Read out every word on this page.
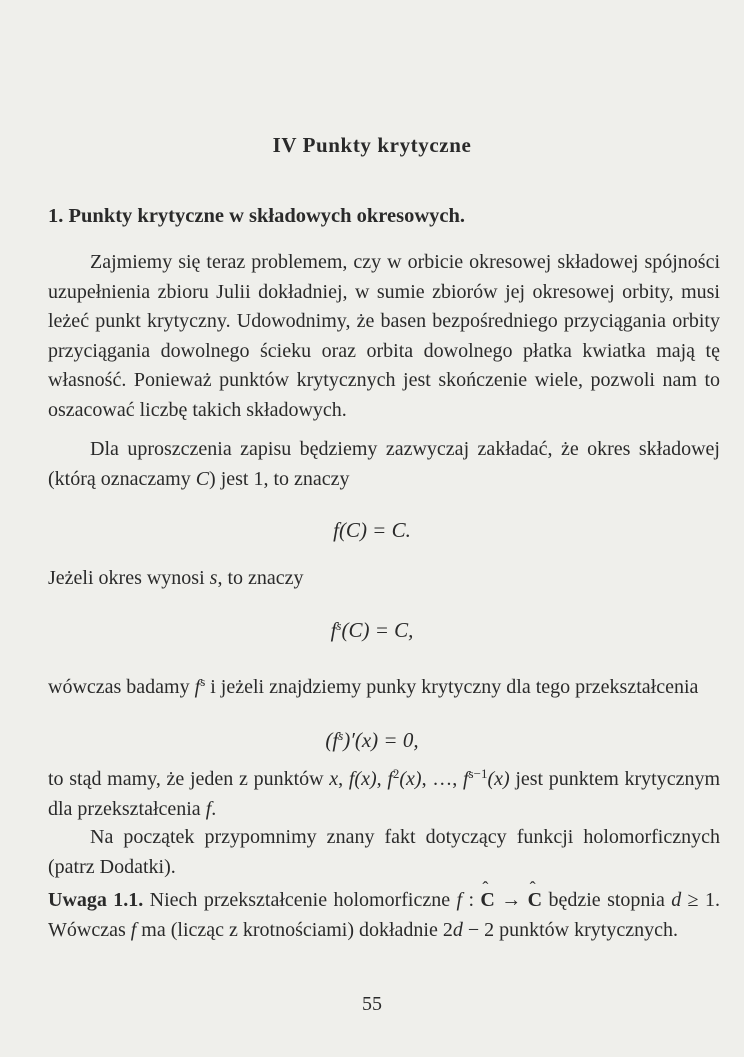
IV Punkty krytyczne
1. Punkty krytyczne w składowych okresowych.
Zajmiemy się teraz problemem, czy w orbicie okresowej składowej spójności uzupełnienia zbioru Julii dokładniej, w sumie zbiorów jej okresowej orbity, musi leżeć punkt krytyczny. Udowodnimy, że basen bezpośredniego przyciągania orbity przyciągania dowolnego ścieku oraz orbita dowolnego płatka kwiatka mają tę własność. Ponieważ punktów krytycznych jest skończenie wiele, pozwoli nam to oszacować liczbę takich składowych.
Dla uproszczenia zapisu będziemy zazwyczaj zakładać, że okres składowej (którą oznaczamy C) jest 1, to znaczy
f(C) = C.
Jeżeli okres wynosi s, to znaczy
$f^s(C) = C$,
wówczas badamy $f^s$ i jeżeli znajdziemy punky krytyczny dla tego przekształcenia
$(f^s)'(x) = 0$,
to stąd mamy, że jeden z punktów x, f(x), $f^2(x)$, …, $f^{s-1}(x)$ jest punktem krytycznym dla przekształcenia f.
Na początek przypomnimy znany fakt dotyczący funkcji holomorficznych (patrz Dodatki).
Uwaga 1.1. Niech przekształcenie holomorficzne f : ˆ C → ˆ C będzie stopnia d ≥ 1. Wówczas f ma (licząc z krotnościami) dokładnie 2d − 2 punktów krytycznych.
55
